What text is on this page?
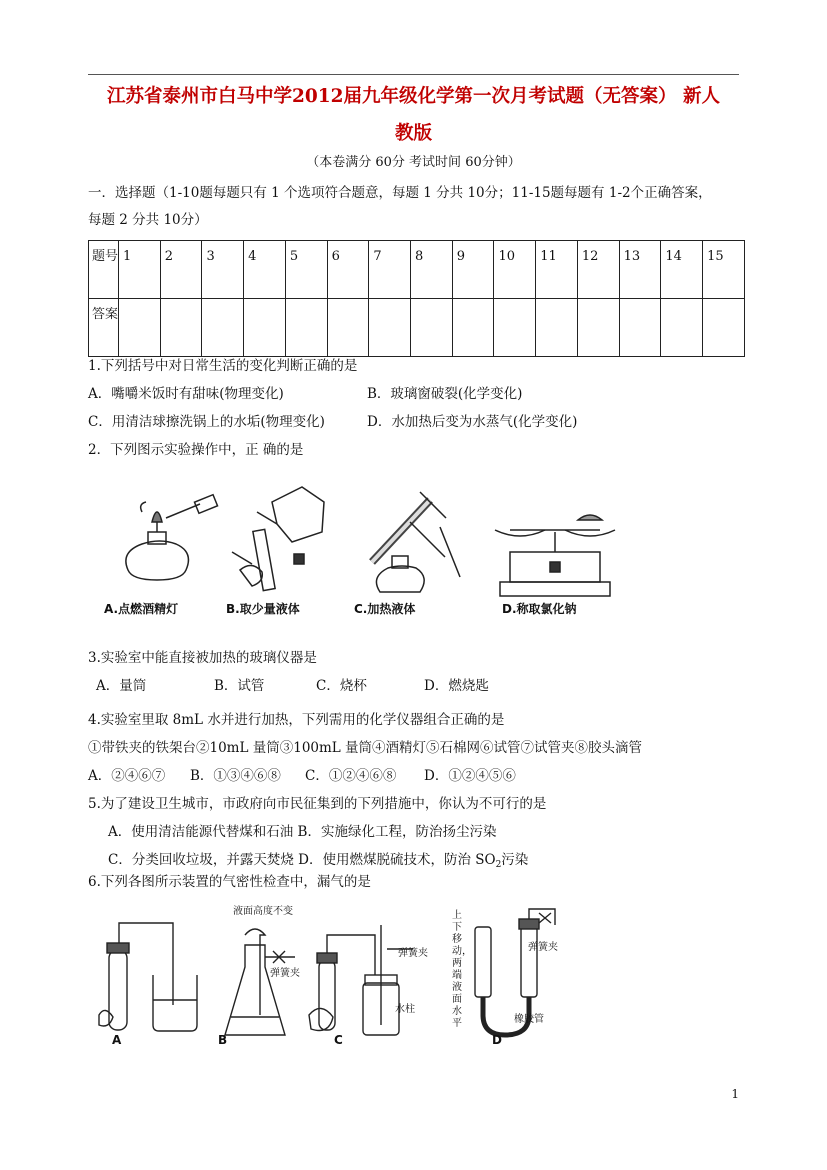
江苏省泰州市白马中学2012届九年级化学第一次月考试题（无答案） 新人
教版
（本卷满分 60分 考试时间 60分钟）
一．选择题（1-10题每题只有 1 个选项符合题意，每题 1 分共 10分；11-15题每题有 1-2个正确答案，
每题 2 分共 10分）
题号	1	2	3	4	5	6	7	8	9	10	11	12	13	14	15
答案															
1.下列括号中对日常生活的变化判断正确的是
A．嘴嚼米饭时有甜味(物理变化)	B．玻璃窗破裂(化学变化)
C．用清洁球擦洗锅上的水垢(物理变化)	D．水加热后变为水蒸气(化学变化)
2．下列图示实验操作中，正 确的是
A.点燃酒精灯	B.取少量液体	C.加热液体	D.称取氯化钠
3.实验室中能直接被加热的玻璃仪器是
A．量筒	B．试管	C．烧杯	D．燃烧匙
4.实验室里取 8mL 水并进行加热，下列需用的化学仪器组合正确的是
①带铁夹的铁架台②10mL 量筒③100mL 量筒④酒精灯⑤石棉网⑥试管⑦试管夹⑧胶头滴管
A．②④⑥⑦ B．①③④⑥⑧ C．①②④⑥⑧ D．①②④⑤⑥
5.为了建设卫生城市，市政府向市民征集到的下列措施中，你认为不可行的是
A．使用清洁能源代替煤和石油 B．实施绿化工程，防治扬尘污染
C．分类回收垃圾，并露天焚烧 D．使用燃煤脱硫技术，防治 $SO_2$污染
6.下列各图所示装置的气密性检查中，漏气的是
液面高度不变
弹簧夹
弹簧夹
水柱
上下移动，两端液面水平
弹簧夹
橡胶管
A	B	C	D
1
